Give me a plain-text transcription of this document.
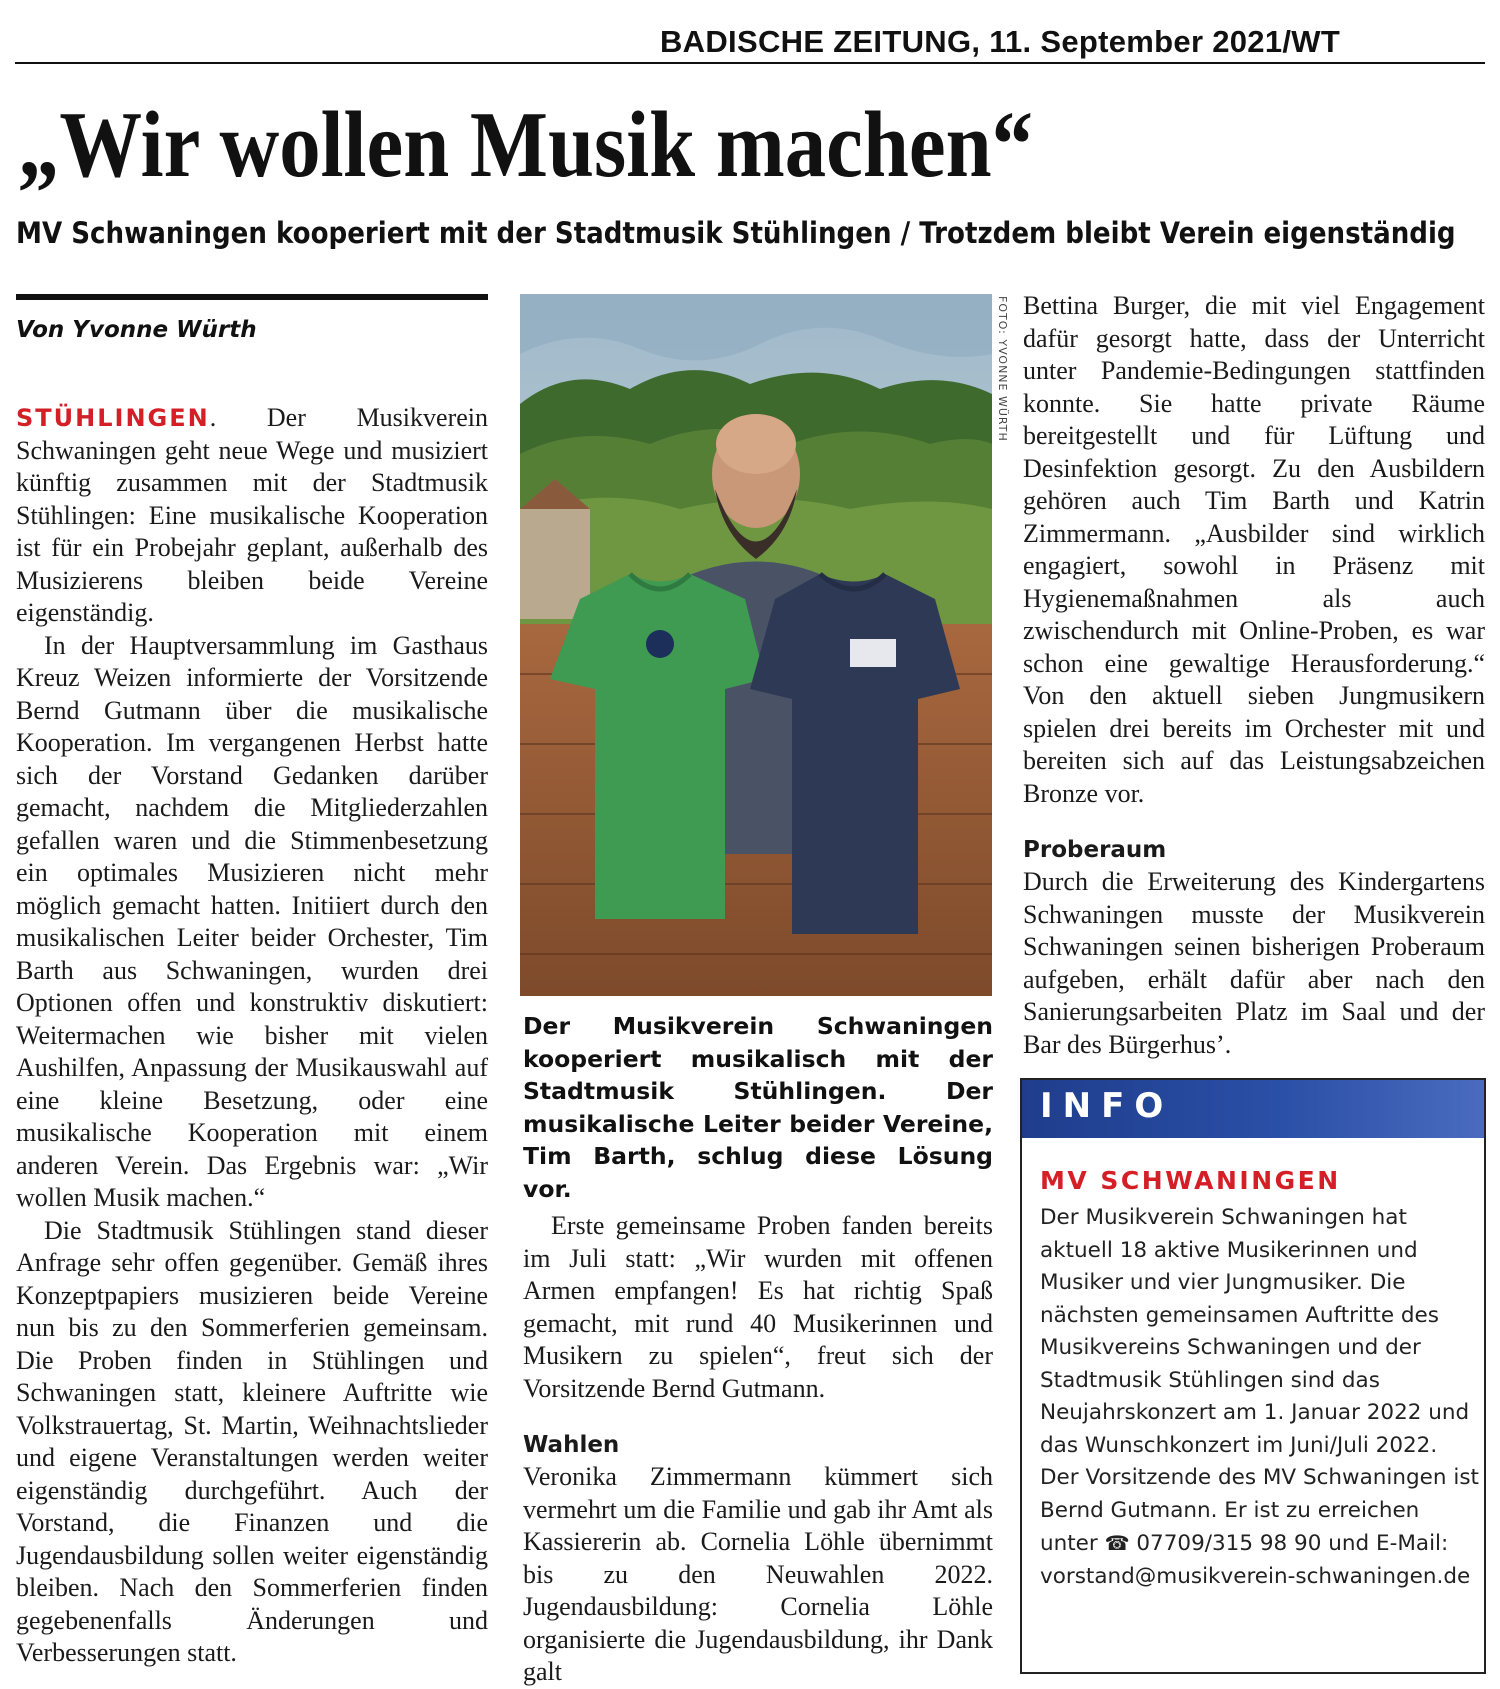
BADISCHE ZEITUNG, 11. September 2021/WT
„Wir wollen Musik machen“
MV Schwaningen kooperiert mit der Stadtmusik Stühlingen / Trotzdem bleibt Verein eigenständig
Von Yvonne Würth

STÜHLINGEN. Der Musikverein Schwaningen geht neue Wege und musiziert künftig zusammen mit der Stadtmusik Stühlingen: Eine musikalische Kooperation ist für ein Probejahr geplant, außerhalb des Musizierens bleiben beide Vereine eigenständig.

In der Hauptversammlung im Gasthaus Kreuz Weizen informierte der Vorsitzende Bernd Gutmann über die musikalische Kooperation. Im vergangenen Herbst hatte sich der Vorstand Gedanken darüber gemacht, nachdem die Mitgliederzahlen gefallen waren und die Stimmenbesetzung ein optimales Musizieren nicht mehr möglich gemacht hatten. Initiiert durch den musikalischen Leiter beider Orchester, Tim Barth aus Schwaningen, wurden drei Optionen offen und konstruktiv diskutiert: Weitermachen wie bisher mit vielen Aushilfen, Anpassung der Musikauswahl auf eine kleine Besetzung, oder eine musikalische Kooperation mit einem anderen Verein. Das Ergebnis war: „Wir wollen Musik machen.“

Die Stadtmusik Stühlingen stand dieser Anfrage sehr offen gegenüber. Gemäß ihres Konzeptpapiers musizieren beide Vereine nun bis zu den Sommerferien gemeinsam. Die Proben finden in Stühlingen und Schwaningen statt, kleinere Auftritte wie Volkstrauertag, St. Martin, Weihnachtslieder und eigene Veranstaltungen werden weiter eigenständig durchgeführt. Auch der Vorstand, die Finanzen und die Jugendausbildung sollen weiter eigenständig bleiben. Nach den Sommerferien finden gegebenenfalls Änderungen und Verbesserungen statt.

FOTO: YVONNE WÜRTH
Der Musikverein Schwaningen kooperiert musikalisch mit der Stadtmusik Stühlingen. Der musikalische Leiter beider Vereine, Tim Barth, schlug diese Lösung vor.

Erste gemeinsame Proben fanden bereits im Juli statt: „Wir wurden mit offenen Armen empfangen! Es hat richtig Spaß gemacht, mit rund 40 Musikerinnen und Musikern zu spielen“, freut sich der Vorsitzende Bernd Gutmann.

Wahlen

Veronika Zimmermann kümmert sich vermehrt um die Familie und gab ihr Amt als Kassiererin ab. Cornelia Löhle übernimmt bis zu den Neuwahlen 2022. Jugendausbildung: Cornelia Löhle organisierte die Jugendausbildung, ihr Dank galt

Bettina Burger, die mit viel Engagement dafür gesorgt hatte, dass der Unterricht unter Pandemie-Bedingungen stattfinden konnte. Sie hatte private Räume bereitgestellt und für Lüftung und Desinfektion gesorgt. Zu den Ausbildern gehören auch Tim Barth und Katrin Zimmermann. „Ausbilder sind wirklich engagiert, sowohl in Präsenz mit Hygienemaßnahmen als auch zwischendurch mit Online-Proben, es war schon eine gewaltige Herausforderung.“ Von den aktuell sieben Jungmusikern spielen drei bereits im Orchester mit und bereiten sich auf das Leistungsabzeichen Bronze vor.

Proberaum

Durch die Erweiterung des Kindergartens Schwaningen musste der Musikverein Schwaningen seinen bisherigen Proberaum aufgeben, erhält dafür aber nach den Sanierungsarbeiten Platz im Saal und der Bar des Bürgerhus’.

INFO
MV SCHWANINGEN
Der Musikverein Schwaningen hat aktuell 18 aktive Musikerinnen und Musiker und vier Jungmusiker. Die nächsten gemeinsamen Auftritte des Musikvereins Schwaningen und der Stadtmusik Stühlingen sind das Neujahrskonzert am 1. Januar 2022 und das Wunschkonzert im Juni/Juli 2022. Der Vorsitzende des MV Schwaningen ist Bernd Gutmann. Er ist zu erreichen unter ☎ 07709/315 98 90 und E-Mail: vorstand@musikverein-schwaningen.de
